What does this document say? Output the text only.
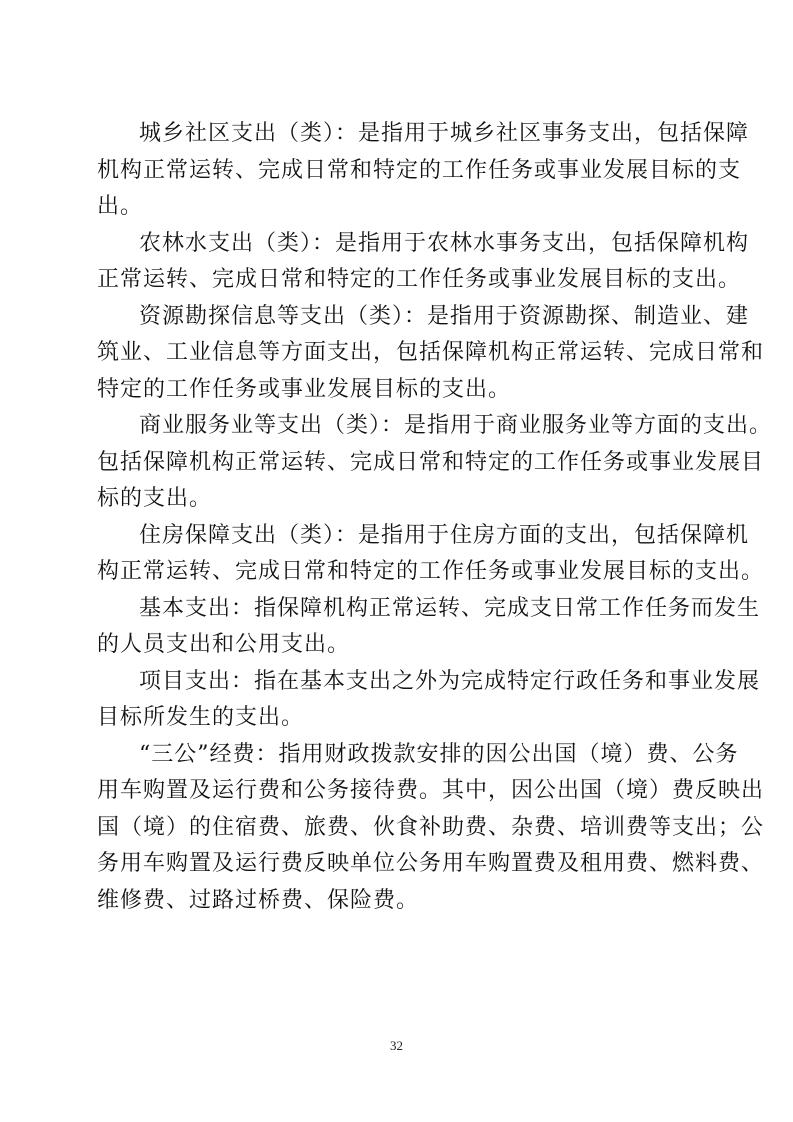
城乡社区支出（类）：是指用于城乡社区事务支出，包括保障
机构正常运转、完成日常和特定的工作任务或事业发展目标的支
出。
农林水支出（类）：是指用于农林水事务支出，包括保障机构
正常运转、完成日常和特定的工作任务或事业发展目标的支出。
资源勘探信息等支出（类）：是指用于资源勘探、制造业、建
筑业、工业信息等方面支出，包括保障机构正常运转、完成日常和
特定的工作任务或事业发展目标的支出。
商业服务业等支出（类）：是指用于商业服务业等方面的支出。
包括保障机构正常运转、完成日常和特定的工作任务或事业发展目
标的支出。
住房保障支出（类）：是指用于住房方面的支出，包括保障机
构正常运转、完成日常和特定的工作任务或事业发展目标的支出。
基本支出：指保障机构正常运转、完成支日常工作任务而发生
的人员支出和公用支出。
项目支出：指在基本支出之外为完成特定行政任务和事业发展
目标所发生的支出。
“三公”经费：指用财政拨款安排的因公出国（境）费、公务
用车购置及运行费和公务接待费。其中，因公出国（境）费反映出
国（境）的住宿费、旅费、伙食补助费、杂费、培训费等支出；公
务用车购置及运行费反映单位公务用车购置费及租用费、燃料费、
维修费、过路过桥费、保险费。
32
